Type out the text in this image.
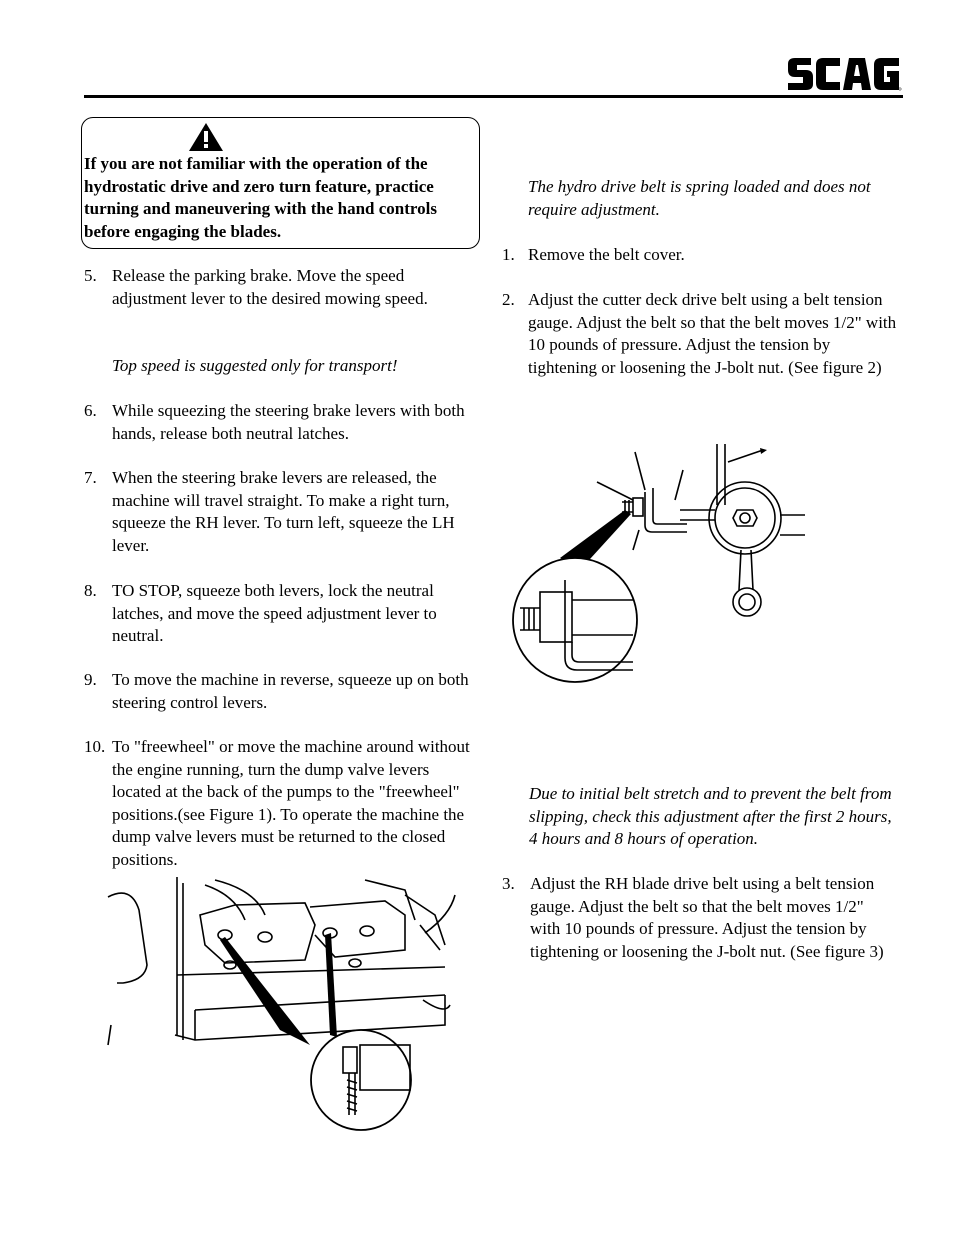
If you are not familiar with the operation of the hydrostatic drive and zero turn feature, practice turning and maneuvering with the hand controls before engaging the blades.

5. Release the parking brake. Move the speed adjustment lever to the desired mowing speed.

Top speed is suggested only for transport!

6. While squeezing the steering brake levers with both hands, release both neutral latches.
7. When the steering brake levers are released, the machine will travel straight. To make a right turn, squeeze the RH lever. To turn left, squeeze the LH lever.
8. TO STOP, squeeze both levers, lock the neutral latches, and move the speed adjustment lever to neutral.
9. To move the machine in reverse, squeeze up on both steering control levers.
10. To "freewheel" or move the machine around without the engine running, turn the dump valve levers located at the back of the pumps to the "freewheel" positions.(see Figure 1). To operate the machine the dump valve levers must be returned to the closed positions.

The hydro drive belt is spring loaded and does not require adjustment.

1. Remove the belt cover.
2. Adjust the cutter deck drive belt using a belt tension gauge. Adjust the belt so that the belt moves 1/2" with 10 pounds of pressure. Adjust the tension by tightening or loosening the J-bolt nut. (See figure 2)

Due to initial belt stretch and to prevent the belt from slipping, check this adjustment after the first 2 hours, 4 hours and 8 hours of operation.

3. Adjust the RH blade drive belt using a belt tension gauge. Adjust the belt so that the belt moves 1/2" with 10 pounds of pressure. Adjust the tension by tightening or loosening the J-bolt nut. (See figure 3)
